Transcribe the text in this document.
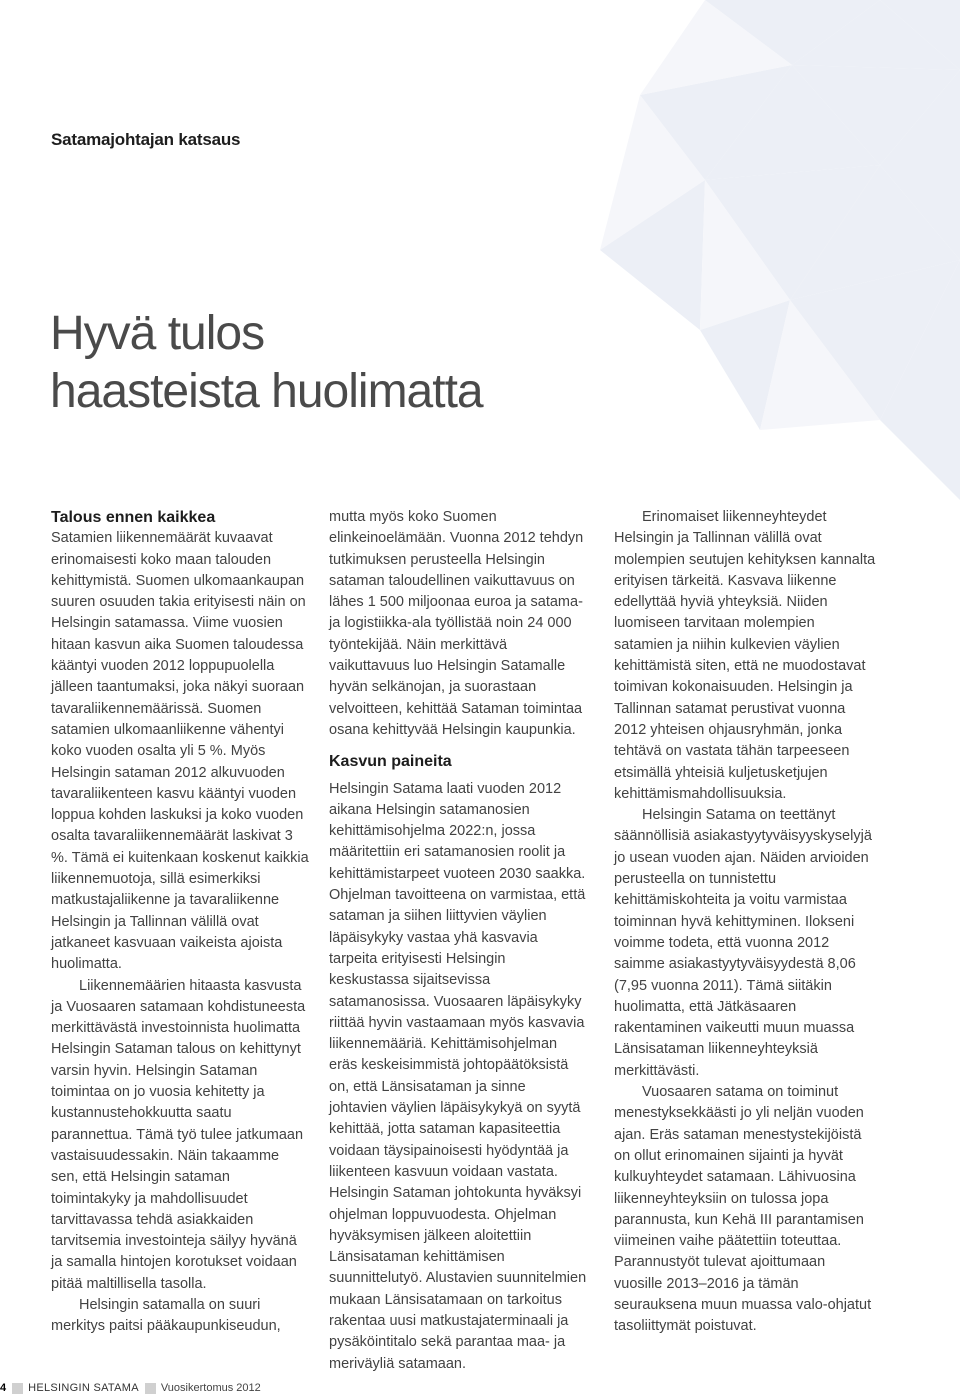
Satamajohtajan katsaus
Hyvä tulos
haasteista huolimatta
Talous ennen kaikkea

Satamien liikennemäärät kuvaavat erinomaisesti koko maan talouden kehittymistä. Suomen ulkomaankaupan suuren osuuden takia erityisesti näin on Helsingin satamassa. Viime vuosien hitaan kasvun aika Suomen taloudessa kääntyi vuoden 2012 loppupuolella jälleen taantumaksi, joka näkyi suoraan tavaraliikennemäärissä. Suomen satamien ulkomaanliikenne vähentyi koko vuoden osalta yli 5 %. Myös Helsingin sataman 2012 alkuvuoden tavaraliikenteen kasvu kääntyi vuoden loppua kohden laskuksi ja koko vuoden osalta tavaraliikennemäärät laskivat 3 %. Tämä ei kuitenkaan koskenut kaikkia liikennemuotoja, sillä esimerkiksi matkustajaliikenne ja tavaraliikenne Helsingin ja Tallinnan välillä ovat jatkaneet kasvuaan vaikeista ajoista huolimatta.

Liikennemäärien hitaasta kasvusta ja Vuosaaren satamaan kohdistuneesta merkittävästä investoinnista huolimatta Helsingin Sataman talous on kehittynyt varsin hyvin. Helsingin Sataman toimintaa on jo vuosia kehitetty ja kustannustehokkuutta saatu parannettua. Tämä työ tulee jatkumaan vastaisuudessakin. Näin takaamme sen, että Helsingin sataman toimintakyky ja mahdollisuudet tarvittavassa tehdä asiakkaiden tarvitsemia investointeja säilyy hyvänä ja samalla hintojen korotukset voidaan pitää maltillisella tasolla.

Helsingin satamalla on suuri merkitys paitsi pääkaupunkiseudun,

mutta myös koko Suomen elinkeinoelämään. Vuonna 2012 tehdyn tutkimuksen perusteella Helsingin sataman taloudellinen vaikuttavuus on lähes 1 500 miljoonaa euroa ja satama- ja logistiikka-ala työllistää noin 24 000 työntekijää. Näin merkittävä vaikuttavuus luo Helsingin Satamalle hyvän selkänojan, ja suorastaan velvoitteen, kehittää Sataman toimintaa osana kehittyvää Helsingin kaupunkia.

Kasvun paineita

Helsingin Satama laati vuoden 2012 aikana Helsingin satamanosien kehittämisohjelma 2022:n, jossa määritettiin eri satamanosien roolit ja kehittämistarpeet vuoteen 2030 saakka. Ohjelman tavoitteena on varmistaa, että sataman ja siihen liittyvien väylien läpäisykyky vastaa yhä kasvavia tarpeita erityisesti Helsingin keskustassa sijaitsevissa satamanosissa. Vuosaaren läpäisykyky riittää hyvin vastaamaan myös kasvavia liikennemääriä. Kehittämisohjelman eräs keskeisimmistä johtopäätöksistä on, että Länsisataman ja sinne johtavien väylien läpäisykykyä on syytä kehittää, jotta sataman kapasiteettia voidaan täysipainoisesti hyödyntää ja liikenteen kasvuun voidaan vastata. Helsingin Sataman johtokunta hyväksyi ohjelman loppuvuodesta. Ohjelman hyväksymisen jälkeen aloitettiin Länsisataman kehittämisen suunnittelutyö. Alustavien suunnitelmien mukaan Länsisatamaan on tarkoitus rakentaa uusi matkustajaterminaali ja pysäköintitalo sekä parantaa maa- ja meriväyliä satamaan.

Erinomaiset liikenneyhteydet Helsingin ja Tallinnan välillä ovat molempien seutujen kehityksen kannalta erityisen tärkeitä. Kasvava liikenne edellyttää hyviä yhteyksiä. Niiden luomiseen tarvitaan molempien satamien ja niihin kulkevien väylien kehittämistä siten, että ne muodostavat toimivan kokonaisuuden. Helsingin ja Tallinnan satamat perustivat vuonna 2012 yhteisen ohjausryhmän, jonka tehtävä on vastata tähän tarpeeseen etsimällä yhteisiä kuljetusketjujen kehittämismahdollisuuksia.

Helsingin Satama on teettänyt säännöllisiä asiakastyytyväisyyskyselyjä jo usean vuoden ajan. Näiden arvioiden perusteella on tunnistettu kehittämiskohteita ja voitu varmistaa toiminnan hyvä kehittyminen. Ilokseni voimme todeta, että vuonna 2012 saimme asiakastyytyväisyydestä 8,06 (7,95 vuonna 2011). Tämä siitäkin huolimatta, että Jätkäsaaren rakentaminen vaikeutti muun muassa Länsisataman liikenneyhteyksiä merkittävästi.

Vuosaaren satama on toiminut menestyksekkäästi jo yli neljän vuoden ajan. Eräs sataman menestystekijöistä on ollut erinomainen sijainti ja hyvät kulkuyhteydet satamaan. Lähivuosina liikenneyhteyksiin on tulossa jopa parannusta, kun Kehä III parantamisen viimeinen vaihe päätettiin toteuttaa. Parannustyöt tulevat ajoittumaan vuosille 2013–2016 ja tämän seurauksena muun muassa valo-ohjatut tasoliittymät poistuvat.

4 HELSINGIN SATAMA Vuosikertomus 2012
